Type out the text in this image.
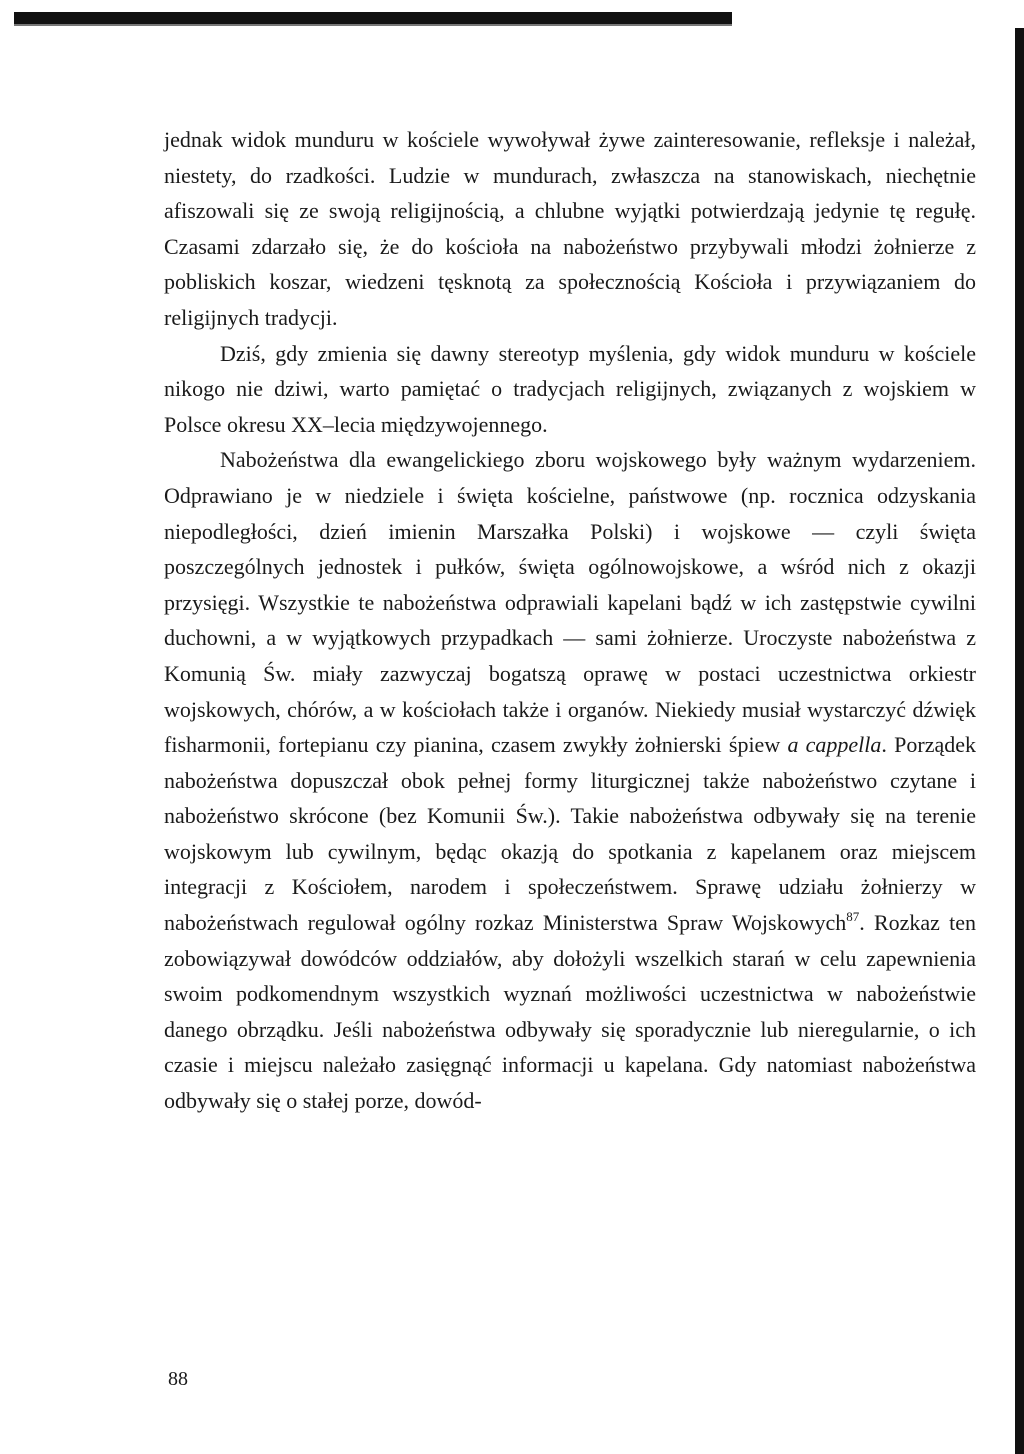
jednak widok munduru w kościele wywoływał żywe zainteresowanie, refleksje i należał, niestety, do rzadkości. Ludzie w mundurach, zwłaszcza na stanowiskach, niechętnie afiszowali się ze swoją religijnością, a chlubne wyjątki potwierdzają jedynie tę regułę. Czasami zdarzało się, że do kościoła na nabożeństwo przybywali młodzi żołnierze z pobliskich koszar, wiedzeni tęsknotą za społecznością Kościoła i przywiązaniem do religijnych tradycji.

Dziś, gdy zmienia się dawny stereotyp myślenia, gdy widok munduru w kościele nikogo nie dziwi, warto pamiętać o tradycjach religijnych, związanych z wojskiem w Polsce okresu XX–lecia międzywojennego.

Nabożeństwa dla ewangelickiego zboru wojskowego były ważnym wydarzeniem. Odprawiano je w niedziele i święta kościelne, państwowe (np. rocznica odzyskania niepodległości, dzień imienin Marszałka Polski) i wojskowe — czyli święta poszczególnych jednostek i pułków, święta ogólnowojskowe, a wśród nich z okazji przysięgi. Wszystkie te nabożeństwa odprawiali kapelani bądź w ich zastępstwie cywilni duchowni, a w wyjątkowych przypadkach — sami żołnierze. Uroczyste nabożeństwa z Komunią Św. miały zazwyczaj bogatszą oprawę w postaci uczestnictwa orkiestr wojskowych, chórów, a w kościołach także i organów. Niekiedy musiał wystarczyć dźwięk fisharmonii, fortepianu czy pianina, czasem zwykły żołnierski śpiew a cappella. Porządek nabożeństwa dopuszczał obok pełnej formy liturgicznej także nabożeństwo czytane i nabożeństwo skrócone (bez Komunii Św.). Takie nabożeństwa odbywały się na terenie wojskowym lub cywilnym, będąc okazją do spotkania z kapelanem oraz miejscem integracji z Kościołem, narodem i społeczeństwem. Sprawę udziału żołnierzy w nabożeństwach regulował ogólny rozkaz Ministerstwa Spraw Wojskowych$^{87}$. Rozkaz ten zobowiązywał dowódców oddziałów, aby dołożyli wszelkich starań w celu zapewnienia swoim podkomendnym wszystkich wyznań możliwości uczestnictwa w nabożeństwie danego obrządku. Jeśli nabożeństwa odbywały się sporadycznie lub nieregularnie, o ich czasie i miejscu należało zasięgnąć informacji u kapelana. Gdy natomiast nabożeństwa odbywały się o stałej porze, dowód-

88
